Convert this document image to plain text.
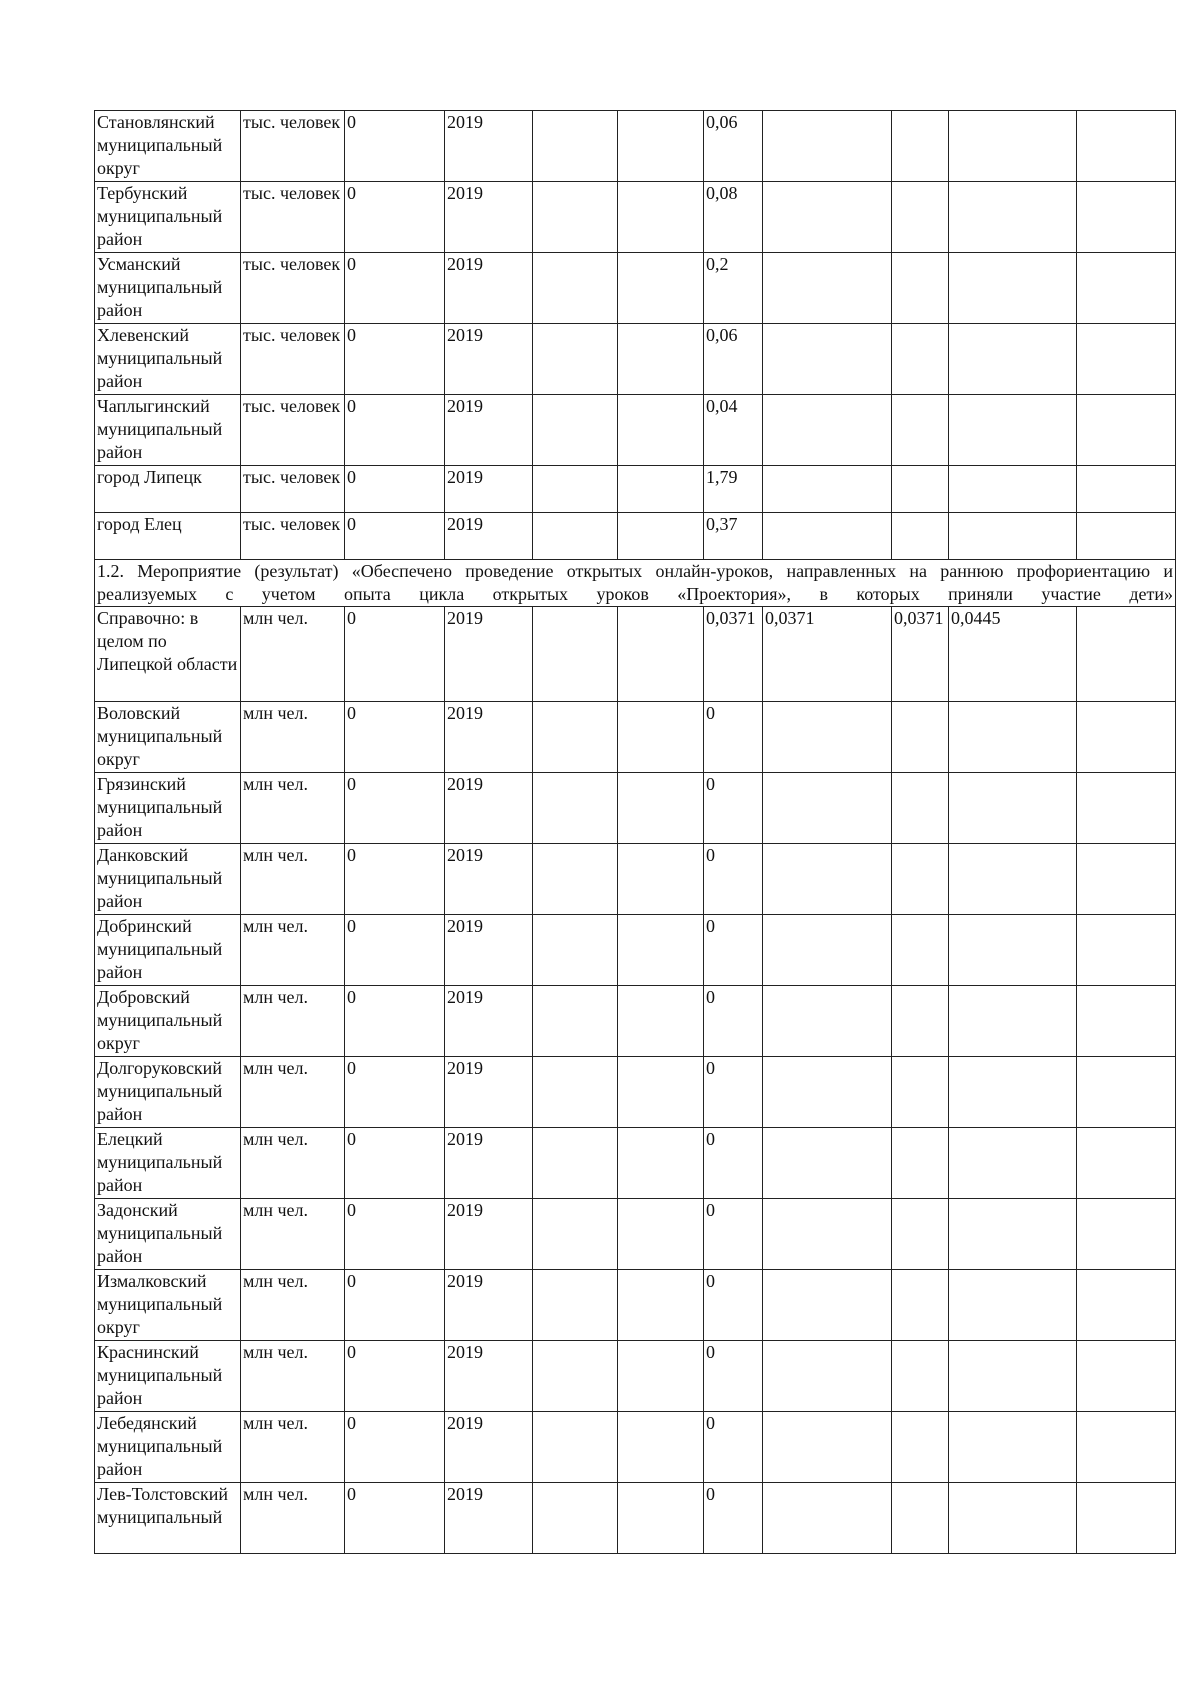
Становлянский муниципальный округ	тыс. человек	0	2019			0,06				
Тербунский муниципальный район	тыс. человек	0	2019			0,08				
Усманский муниципальный район	тыс. человек	0	2019			0,2				
Хлевенский муниципальный район	тыс. человек	0	2019			0,06				
Чаплыгинский муниципальный район	тыс. человек	0	2019			0,04				
город Липецк	тыс. человек	0	2019			1,79				
город Елец	тыс. человек	0	2019			0,37				
1.2. Мероприятие (результат) «Обеспечено проведение открытых онлайн-уроков, направленных на раннюю профориентацию и реализуемых с учетом опыта цикла открытых уроков «Проектория», в которых приняли участие дети»										
Справочно: в целом по Липецкой области	млн чел.	0	2019			0,0371	0,0371	0,0371	0,0445	
Воловский муниципальный округ	млн чел.	0	2019			0				
Грязинский муниципальный район	млн чел.	0	2019			0				
Данковский муниципальный район	млн чел.	0	2019			0				
Добринский муниципальный район	млн чел.	0	2019			0				
Добровский муниципальный округ	млн чел.	0	2019			0				
Долгоруковский муниципальный район	млн чел.	0	2019			0				
Елецкий муниципальный район	млн чел.	0	2019			0				
Задонский муниципальный район	млн чел.	0	2019			0				
Измалковский муниципальный округ	млн чел.	0	2019			0				
Краснинский муниципальный район	млн чел.	0	2019			0				
Лебедянский муниципальный район	млн чел.	0	2019			0				
Лев-Толстовский муниципальный	млн чел.	0	2019			0				
